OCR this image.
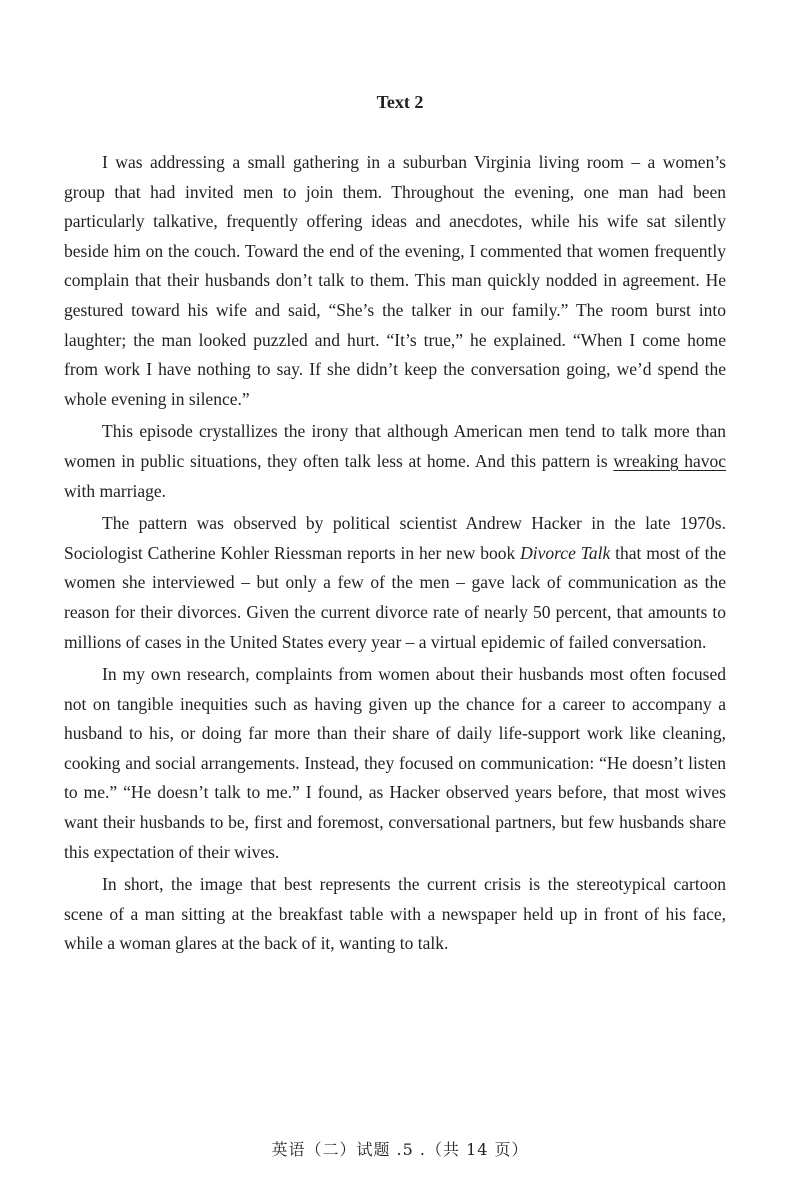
Text 2

I was addressing a small gathering in a suburban Virginia living room – a women’s group that had invited men to join them. Throughout the evening, one man had been particularly talkative, frequently offering ideas and anecdotes, while his wife sat silently beside him on the couch. Toward the end of the evening, I commented that women frequently complain that their husbands don’t talk to them. This man quickly nodded in agreement. He gestured toward his wife and said, “She’s the talker in our family.” The room burst into laughter; the man looked puzzled and hurt. “It’s true,” he explained. “When I come home from work I have nothing to say. If she didn’t keep the conversation going, we’d spend the whole evening in silence.”

This episode crystallizes the irony that although American men tend to talk more than women in public situations, they often talk less at home. And this pattern is wreaking havoc with marriage.

The pattern was observed by political scientist Andrew Hacker in the late 1970s. Sociologist Catherine Kohler Riessman reports in her new book Divorce Talk that most of the women she interviewed – but only a few of the men – gave lack of communication as the reason for their divorces. Given the current divorce rate of nearly 50 percent, that amounts to millions of cases in the United States every year – a virtual epidemic of failed conversation.

In my own research, complaints from women about their husbands most often focused not on tangible inequities such as having given up the chance for a career to accompany a husband to his, or doing far more than their share of daily life-support work like cleaning, cooking and social arrangements. Instead, they focused on communication: “He doesn’t listen to me.” “He doesn’t talk to me.” I found, as Hacker observed years before, that most wives want their husbands to be, first and foremost, conversational partners, but few husbands share this expectation of their wives.

In short, the image that best represents the current crisis is the stereotypical cartoon scene of a man sitting at the breakfast table with a newspaper held up in front of his face, while a woman glares at the back of it, wanting to talk.

英语（二）试题 .5 .（共 14 页）
